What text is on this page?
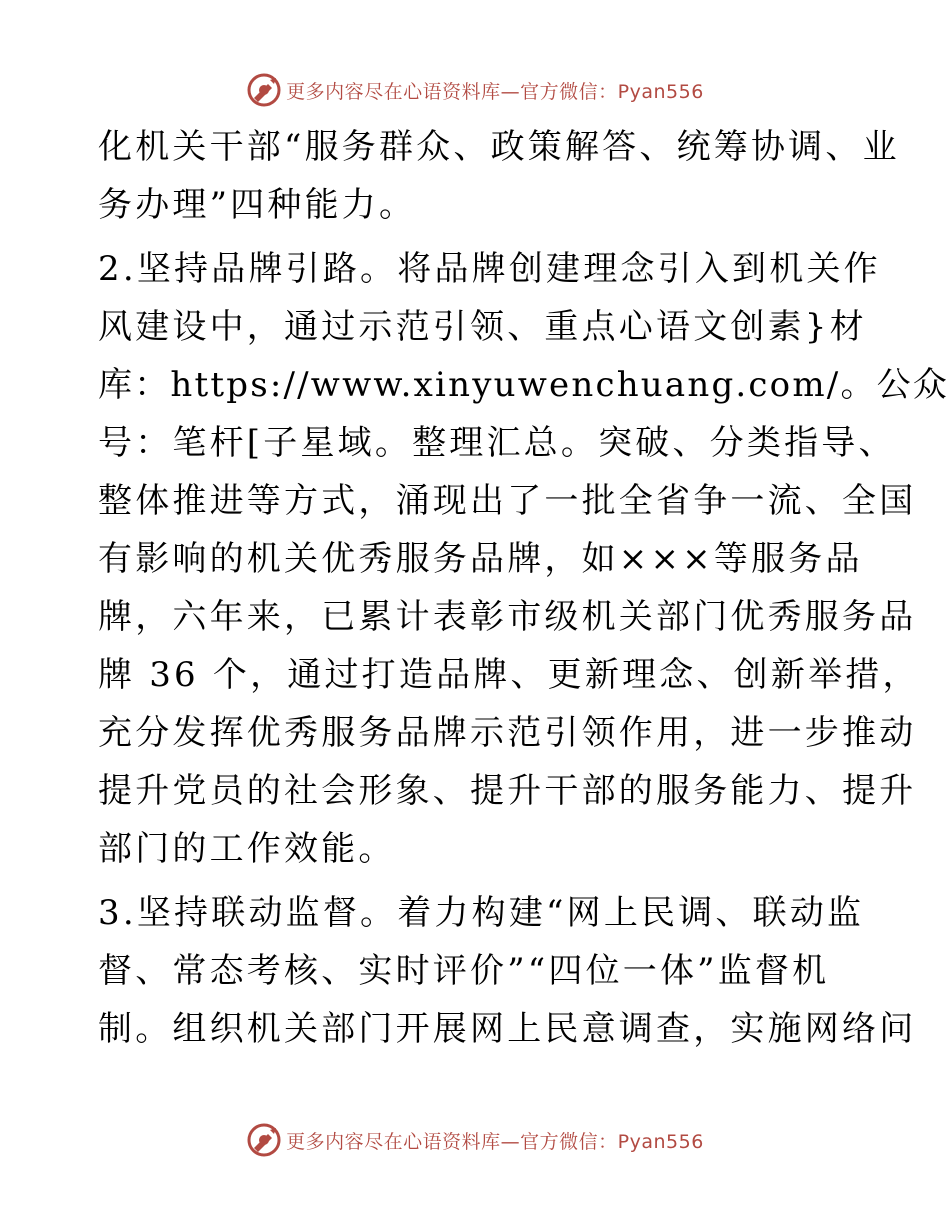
更多内容尽在心语资料库—官方微信：Pyan556
化机关干部“服务群众、政策解答、统筹协调、业
务办理”四种能力。
2.坚持品牌引路。将品牌创建理念引入到机关作
风建设中，通过示范引领、重点心语文创素}材
库：https://www.xinyuwenchuang.com/。公众
号：笔杆[子星域。整理汇总。突破、分类指导、
整体推进等方式，涌现出了一批全省争一流、全国
有影响的机关优秀服务品牌，如×××等服务品
牌，六年来，已累计表彰市级机关部门优秀服务品
牌 36 个，通过打造品牌、更新理念、创新举措，
充分发挥优秀服务品牌示范引领作用，进一步推动
提升党员的社会形象、提升干部的服务能力、提升
部门的工作效能。
3.坚持联动监督。着力构建“网上民调、联动监
督、常态考核、实时评价”“四位一体”监督机
制。组织机关部门开展网上民意调查，实施网络问
更多内容尽在心语资料库—官方微信：Pyan556
